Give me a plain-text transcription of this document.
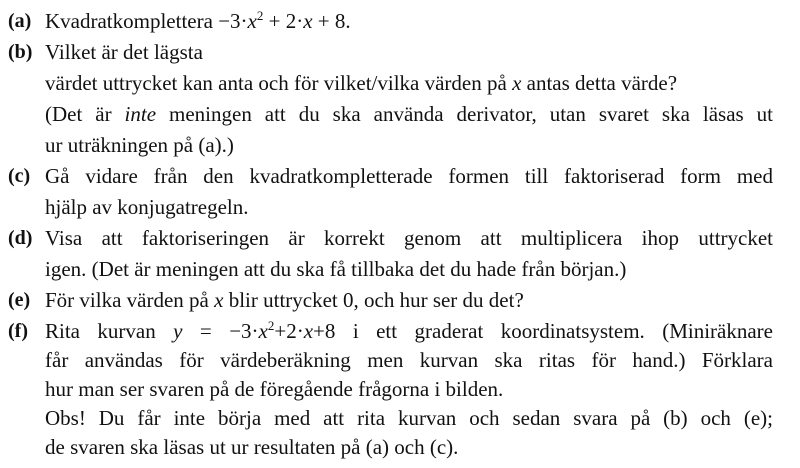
(a) Kvadratkomplettera $-3\cdot x^2 + 2\cdot x + 8$.
(b) Vilket är det lägsta
värdet uttrycket kan anta och för vilket/vilka värden på x antas detta värde?
(Det är inte meningen att du ska använda derivator, utan svaret ska läsas ut
ur uträkningen på (a).)
(c) Gå vidare från den kvadratkompletterade formen till faktoriserad form med
hjälp av konjugatregeln.
(d) Visa att faktoriseringen är korrekt genom att multiplicera ihop uttrycket
igen. (Det är meningen att du ska få tillbaka det du hade från början.)
(e) För vilka värden på x blir uttrycket 0, och hur ser du det?
(f) Rita kurvan $y = -3\cdot x^2+2\cdot x+8$ i ett graderat koordinatsystem. (Miniräknare
får användas för värdeberäkning men kurvan ska ritas för hand.) Förklara
hur man ser svaren på de föregående frågorna i bilden.
Obs! Du får inte börja med att rita kurvan och sedan svara på (b) och (e);
de svaren ska läsas ut ur resultaten på (a) och (c).
